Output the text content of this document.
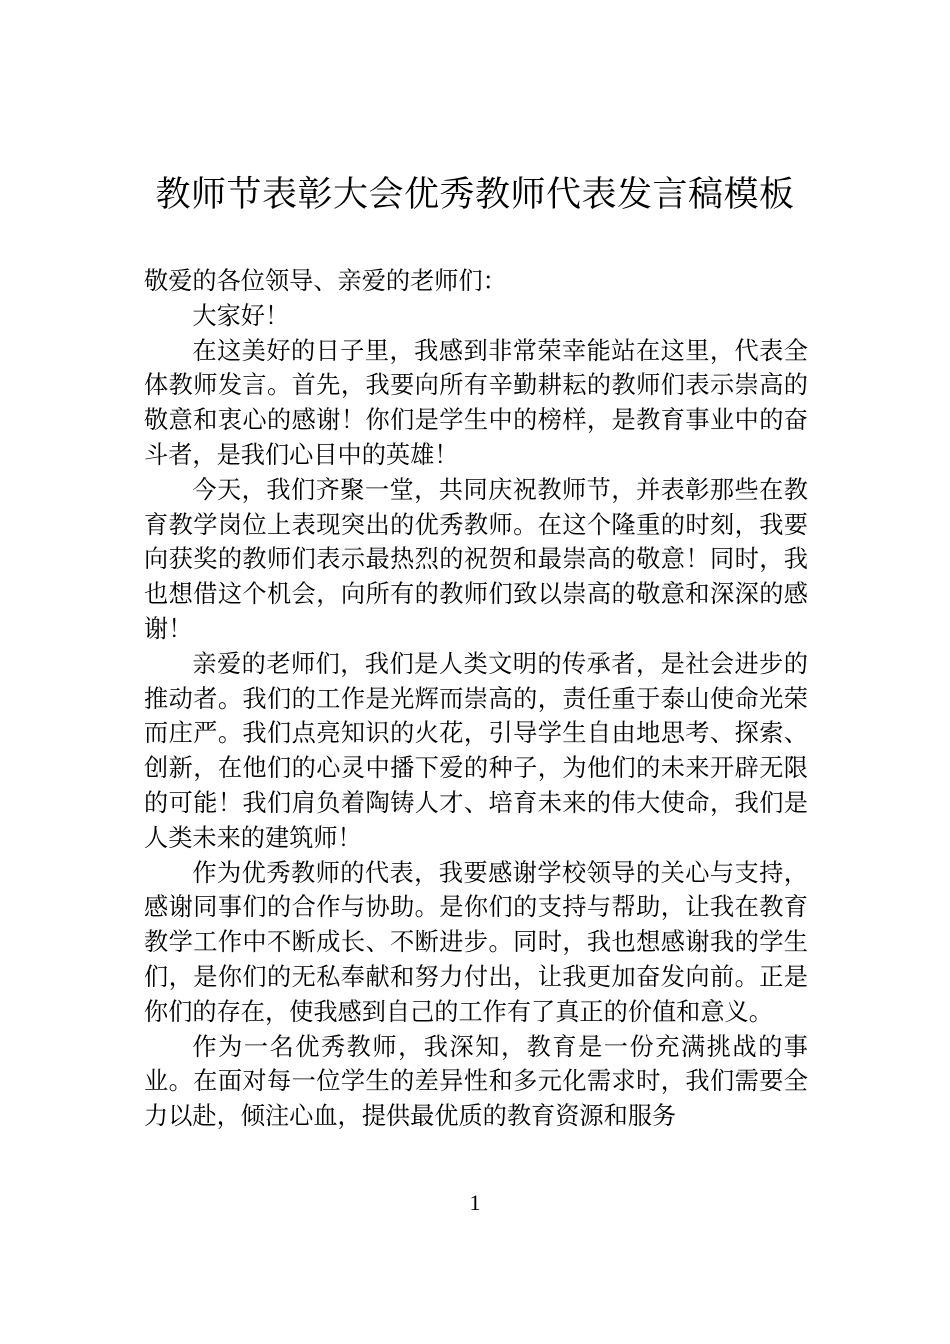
教师节表彰大会优秀教师代表发言稿模板

敬爱的各位领导、亲爱的老师们：

大家好！

在这美好的日子里，我感到非常荣幸能站在这里，代表全体教师发言。首先，我要向所有辛勤耕耘的教师们表示崇高的敬意和衷心的感谢！你们是学生中的榜样，是教育事业中的奋斗者，是我们心目中的英雄！

今天，我们齐聚一堂，共同庆祝教师节，并表彰那些在教育教学岗位上表现突出的优秀教师。在这个隆重的时刻，我要向获奖的教师们表示最热烈的祝贺和最崇高的敬意！同时，我也想借这个机会，向所有的教师们致以崇高的敬意和深深的感谢！

亲爱的老师们，我们是人类文明的传承者，是社会进步的推动者。我们的工作是光辉而崇高的，责任重于泰山使命光荣而庄严。我们点亮知识的火花，引导学生自由地思考、探索、创新，在他们的心灵中播下爱的种子，为他们的未来开辟无限的可能！我们肩负着陶铸人才、培育未来的伟大使命，我们是人类未来的建筑师！

作为优秀教师的代表，我要感谢学校领导的关心与支持，感谢同事们的合作与协助。是你们的支持与帮助，让我在教育教学工作中不断成长、不断进步。同时，我也想感谢我的学生们，是你们的无私奉献和努力付出，让我更加奋发向前。正是你们的存在，使我感到自己的工作有了真正的价值和意义。

作为一名优秀教师，我深知，教育是一份充满挑战的事业。在面对每一位学生的差异性和多元化需求时，我们需要全力以赴，倾注心血，提供最优质的教育资源和服务

1
